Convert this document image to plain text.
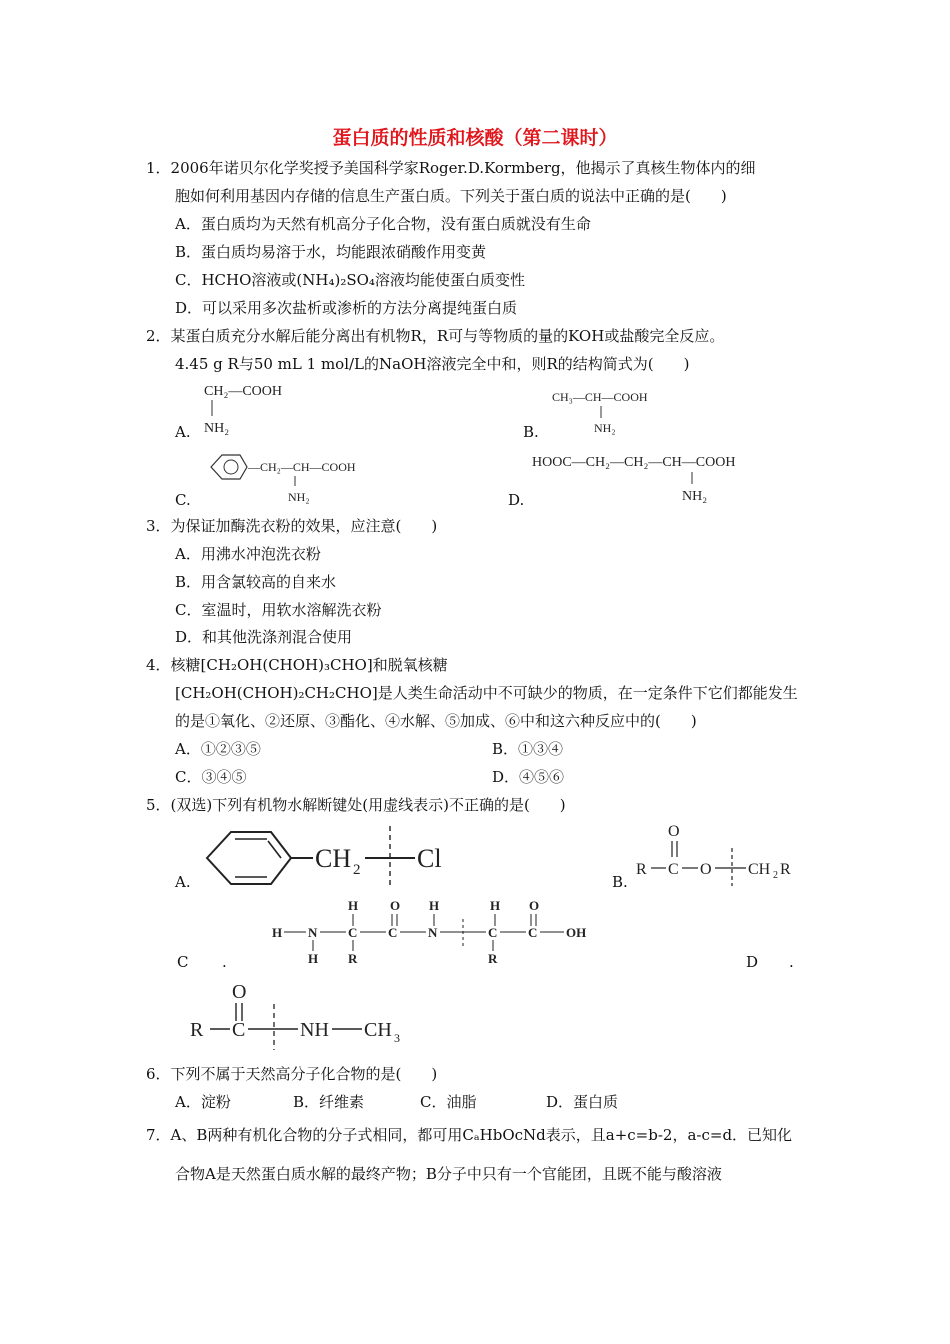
蛋白质的性质和核酸（第二课时）
1．2006年诺贝尔化学奖授予美国科学家Roger.D.Kormberg，他揭示了真核生物体内的细
胞如何利用基因内存储的信息生产蛋白质。下列关于蛋白质的说法中正确的是(　　)
A．蛋白质均为天然有机高分子化合物，没有蛋白质就没有生命
B．蛋白质均易溶于水，均能跟浓硝酸作用变黄
C．HCHO溶液或(NH₄)₂SO₄溶液均能使蛋白质变性
D．可以采用多次盐析或渗析的方法分离提纯蛋白质
2．某蛋白质充分水解后能分离出有机物R，R可与等物质的量的KOH或盐酸完全反应。
4.45 g R与50 mL 1 mol/L的NaOH溶液完全中和，则R的结构简式为(　　)
A.
CH₂—COOH
NH₂	B.
CH₃—CH—COOH
NH₂
C.
—CH₂—CH—COOH
NH₂	D.
HOOC—CH₂—CH₂—CH—COOH
NH₂
3．为保证加酶洗衣粉的效果，应注意(　　)
A．用沸水冲泡洗衣粉
B．用含氯较高的自来水
C．室温时，用软水溶解洗衣粉
D．和其他洗涤剂混合使用
4．核糖[CH₂OH(CHOH)₃CHO]和脱氧核糖
[CH₂OH(CHOH)₂CH₂CHO]是人类生命活动中不可缺少的物质，在一定条件下它们都能发生
的是①氧化、②还原、③酯化、④水解、⑤加成、⑥中和这六种反应中的(　　)
A．①②③⑤	B．①③④
C．③④⑤	D．④⑤⑥
5．(双选)下列有机物水解断键处(用虚线表示)不正确的是(　　)
A.
CH 2 Cl
B.
O
R C O CH 2 R
C .
H O H	H O
H N C C N	C C OH
H R	R	D .
O
R C	NH CH 3
6．下列不属于天然高分子化合物的是(　　)
A．淀粉	B．纤维素	C．油脂	D．蛋白质
7．A、B两种有机化合物的分子式相同，都可用CₐHbOcNd表示，且a+c=b-2，a-c=d．已知化
合物A是天然蛋白质水解的最终产物；B分子中只有一个官能团，且既不能与酸溶液
